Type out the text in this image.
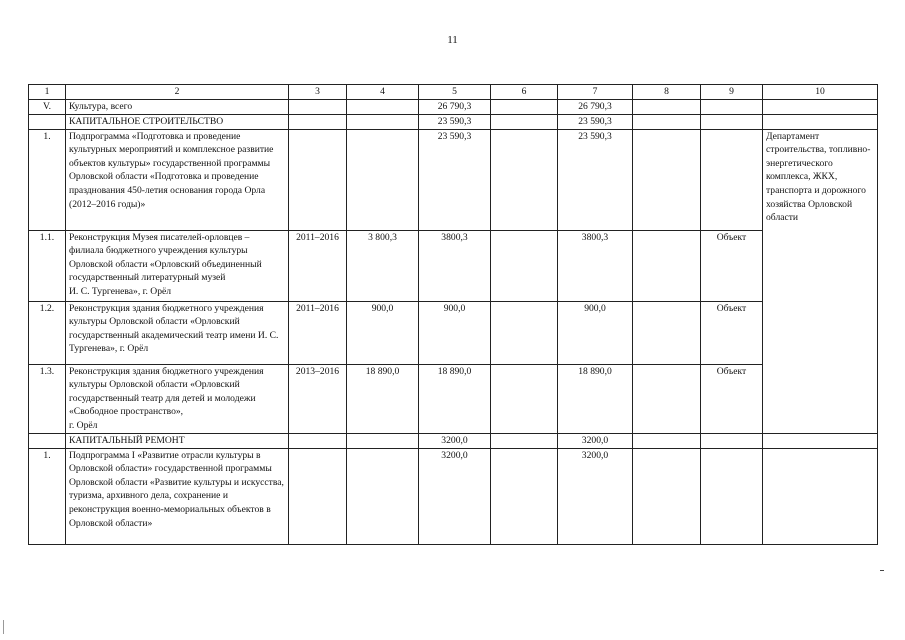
11
1	2	3	4	5	6	7	8	9	10
V.	Культура, всего			26 790,3		26 790,3			
	КАПИТАЛЬНОЕ СТРОИТЕЛЬСТВО			23 590,3		23 590,3			
1.	Подпрограмма «Подготовка и проведение культурных мероприятий и комплексное развитие объектов культуры» государственной программы Орловской области «Подготовка и проведение празднования 450-летия основания города Орла (2012–2016 годы)»			23 590,3		23 590,3			Департамент строительства, топливно-энергетического комплекса, ЖКХ, транспорта и дорожного хозяйства Орловской области
1.1.	Реконструкция Музея писателей-орловцев – филиала бюджетного учреждения культуры Орловской области «Орловский объединенный государственный литературный музей
И. С. Тургенева», г. Орёл	2011–2016	3 800,3	3800,3		3800,3		Объект	
1.2.	Реконструкция здания бюджетного учреждения культуры Орловской области «Орловский государственный академический театр имени И. С. Тургенева», г. Орёл	2011–2016	900,0	900,0		900,0		Объект	
1.3.	Реконструкция здания бюджетного учреждения культуры Орловской области «Орловский государственный театр для детей и молодежи «Свободное пространство»,
г. Орёл	2013–2016	18 890,0	18 890,0		18 890,0		Объект	
	КАПИТАЛЬНЫЙ РЕМОНТ			3200,0		3200,0			
1.	Подпрограмма I «Развитие отрасли культуры в Орловской области» государственной программы Орловской области «Развитие культуры и искусства, туризма, архивного дела, сохранение и реконструкция военно-мемориальных объектов в Орловской области»			3200,0		3200,0			
